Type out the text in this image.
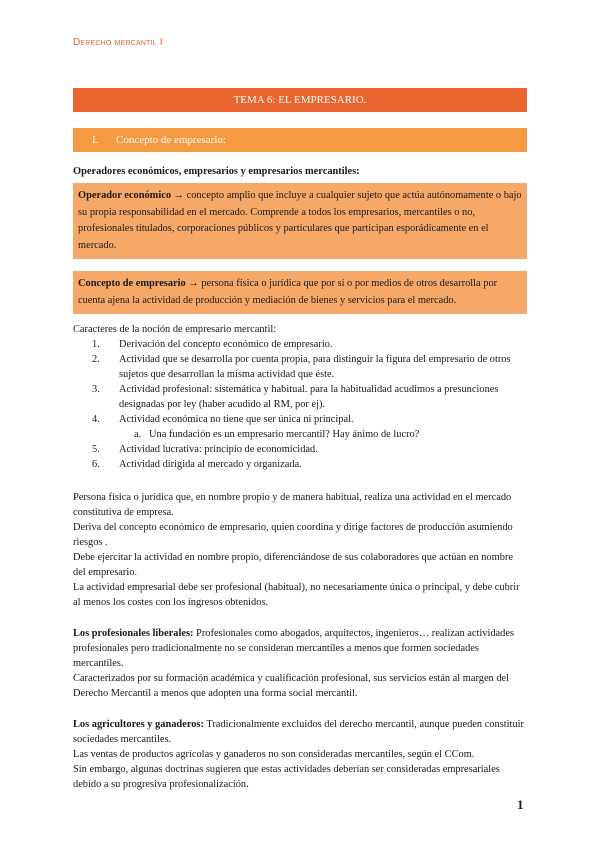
Derecho mercantil I
TEMA 6: EL EMPRESARIO.
I.	Concepto de empresario:
Operadores económicos, empresarios y empresarios mercantiles:
Operador económico → concepto amplio que incluye a cualquier sujeto que actúa autónomamente o bajo su propia responsabilidad en el mercado. Comprende a todos los empresarios, mercantiles o no, profesionales titulados, corporaciones públicos y particulares que participan esporádicamente en el mercado.
Concepto de empresario → persona física o jurídica que por sí o por medios de otros desarrolla por cuenta ajena la actividad de producción y mediación de bienes y servicios para el mercado.
Caracteres de la noción de empresario mercantil:
1. Derivación del concepto económico de empresario.
2. Actividad que se desarrolla por cuenta propia, para distinguir la figura del empresario de otros sujetos que desarrollan la misma actividad que éste.
3. Actividad profesional: sistemática y habitual. para la habitualidad acudimos a presunciones designadas por ley (haber acudido al RM, por ej).
4. Actividad económica no tiene que ser única ni principal.
a. Una fundación es un empresario mercantil? Hay ánimo de lucro?
5. Actividad lucrativa: principio de economicidad.
6. Actividad dirigida al mercado y organizada.

Persona física o jurídica que, en nombre propio y de manera habitual, realiza una actividad en el mercado constitutiva de empresa.

Deriva del concepto económico de empresario, quien coordina y dirige factores de producción asumiendo riesgos .

Debe ejercitar la actividad en nombre propio, diferenciándose de sus colaboradores que actúan en nombre del empresario.

La actividad empresarial debe ser profesional (habitual), no necesariamente única o principal, y debe cubrir al menos los costes con los ingresos obtenidos.

Los profesionales liberales: Profesionales como abogados, arquitectos, ingenieros… realizan actividades profesionales pero tradicionalmente no se consideran mercantiles a menos que formen sociedades mercantiles.

Caracterizados por su formación académica y cualificación profesional, sus servicios están al margen del Derecho Mercantil a menos que adopten una forma social mercantil.

Los agricultores y ganaderos: Tradicionalmente excluidos del derecho mercantil, aunque pueden constituir sociedades mercantiles.

Las ventas de productos agrícolas y ganaderos no son consideradas mercantiles, según el CCom.

Sin embargo, algunas doctrinas sugieren que estas actividades deberían ser consideradas empresariales debido a su progresiva profesionalización.

1
